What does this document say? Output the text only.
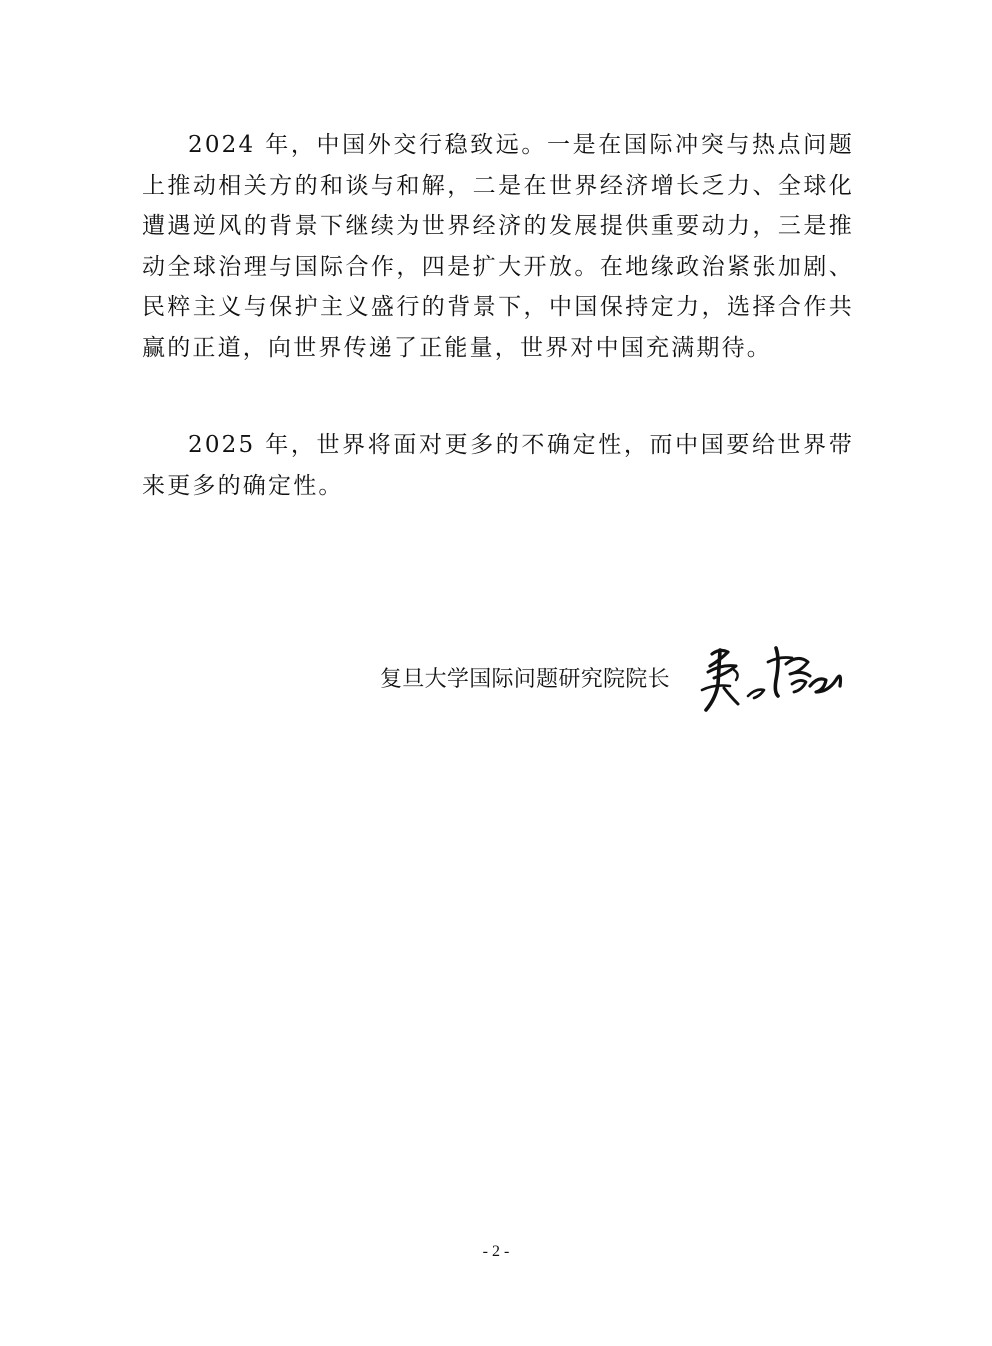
2024 年，中国外交行稳致远。一是在国际冲突与热点问题上推动相关方的和谈与和解，二是在世界经济增长乏力、全球化遭遇逆风的背景下继续为世界经济的发展提供重要动力，三是推动全球治理与国际合作，四是扩大开放。在地缘政治紧张加剧、民粹主义与保护主义盛行的背景下，中国保持定力，选择合作共赢的正道，向世界传递了正能量，世界对中国充满期待。

2025 年，世界将面对更多的不确定性，而中国要给世界带来更多的确定性。

复旦大学国际问题研究院院长
- 2 -
